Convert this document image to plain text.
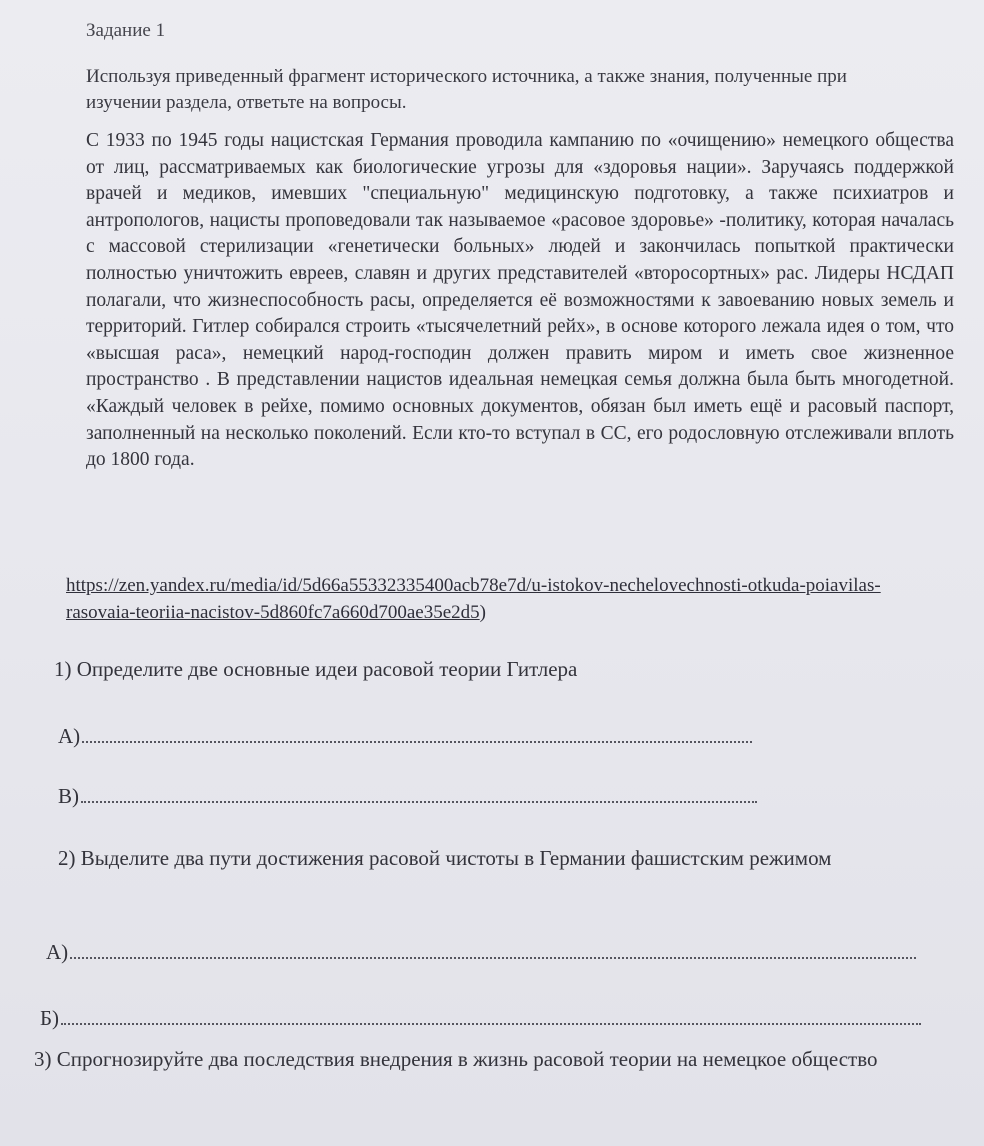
Задание 1
Используя приведенный фрагмент исторического источника, а также знания, полученные при изучении раздела, ответьте на вопросы.

С 1933 по 1945 годы нацистская Германия проводила кампанию по «очищению» немецкого общества от лиц, рассматриваемых как биологические угрозы для «здоровья нации». Заручаясь поддержкой врачей и медиков, имевших "специальную" медицинскую подготовку, а также психиатров и антропологов, нацисты проповедовали так называемое «расовое здоровье» -политику, которая началась с массовой стерилизации «генетически больных» людей и закончилась попыткой практически полностью уничтожить евреев, славян и других представителей «второсортных» рас. Лидеры НСДАП полагали, что жизнеспособность расы, определяется её возможностями к завоеванию новых земель и территорий. Гитлер собирался строить «тысячелетний рейх», в основе которого лежала идея о том, что «высшая раса», немецкий народ-господин должен править миром и иметь свое жизненное пространство . В представлении нацистов идеальная немецкая семья должна была быть многодетной. «Каждый человек в рейхе, помимо основных документов, обязан был иметь ещё и расовый паспорт, заполненный на несколько поколений. Если кто-то вступал в СС, его родословную отслеживали вплоть до 1800 года.

https://zen.yandex.ru/media/id/5d66a55332335400acb78e7d/u-istokov-nechelovechnosti-otkuda-poiavilas-rasovaia-teoriia-nacistov-5d860fc7a660d700ae35e2d5)
1) Определите две основные идеи расовой теории Гитлера
А)
В)
2) Выделите два пути достижения расовой чистоты в Германии фашистским режимом
А)
Б)
3) Спрогнозируйте два последствия внедрения в жизнь расовой теории на немецкое общество
